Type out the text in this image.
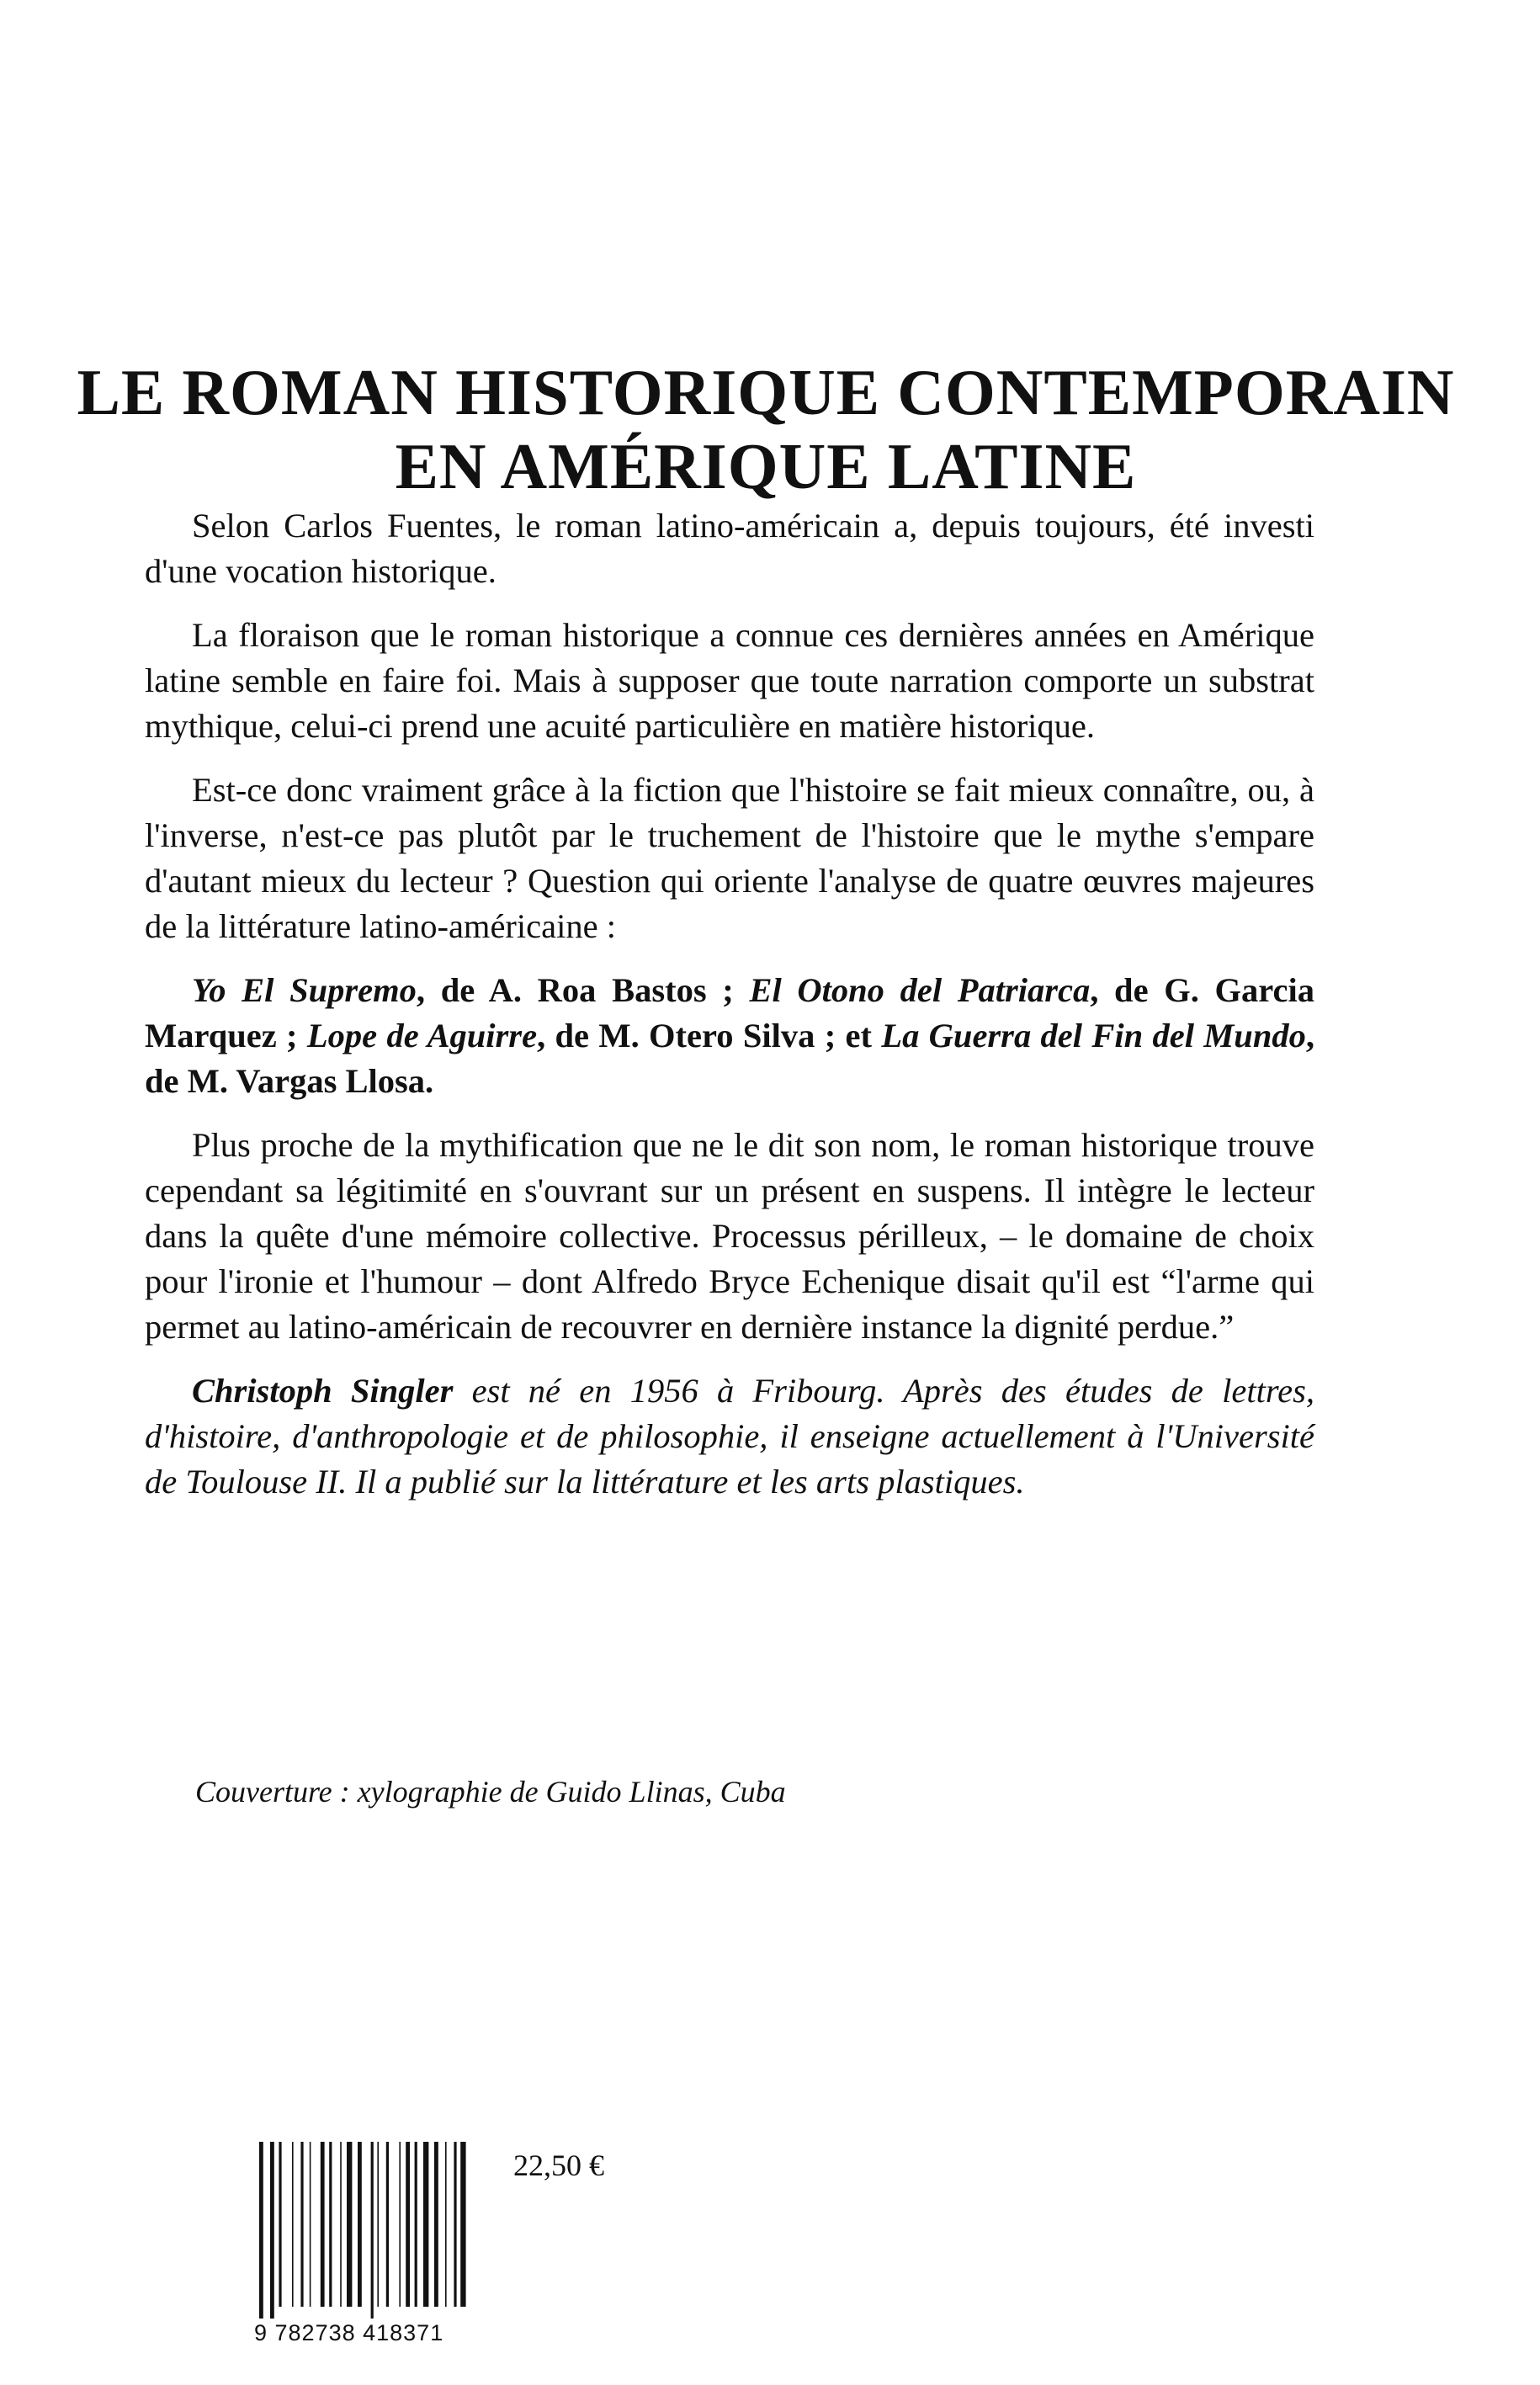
LE ROMAN HISTORIQUE CONTEMPORAIN
EN AMÉRIQUE LATINE

Selon Carlos Fuentes, le roman latino-américain a, depuis toujours, été investi d'une vocation historique.

La floraison que le roman historique a connue ces dernières années en Amérique latine semble en faire foi. Mais à supposer que toute narration comporte un substrat mythique, celui-ci prend une acuité particulière en matière historique.

Est-ce donc vraiment grâce à la fiction que l'histoire se fait mieux connaître, ou, à l'inverse, n'est-ce pas plutôt par le truchement de l'histoire que le mythe s'empare d'autant mieux du lecteur ? Question qui oriente l'analyse de quatre œuvres majeures de la littérature latino-américaine :

Yo El Supremo, de A. Roa Bastos ; El Otono del Patriarca, de G. Garcia Marquez ; Lope de Aguirre, de M. Otero Silva ; et La Guerra del Fin del Mundo, de M. Vargas Llosa.

Plus proche de la mythification que ne le dit son nom, le roman historique trouve cependant sa légitimité en s'ouvrant sur un présent en suspens. Il intègre le lecteur dans la quête d'une mémoire collective. Processus périlleux, – le domaine de choix pour l'ironie et l'humour – dont Alfredo Bryce Echenique disait qu'il est “l'arme qui permet au latino-américain de recouvrer en dernière instance la dignité perdue.”

Christoph Singler est né en 1956 à Fribourg. Après des études de lettres, d'histoire, d'anthropologie et de philosophie, il enseigne actuellement à l'Université de Toulouse II. Il a publié sur la littérature et les arts plastiques.

Couverture : xylographie de Guido Llinas, Cuba
9 782738 418371
22,50 €
